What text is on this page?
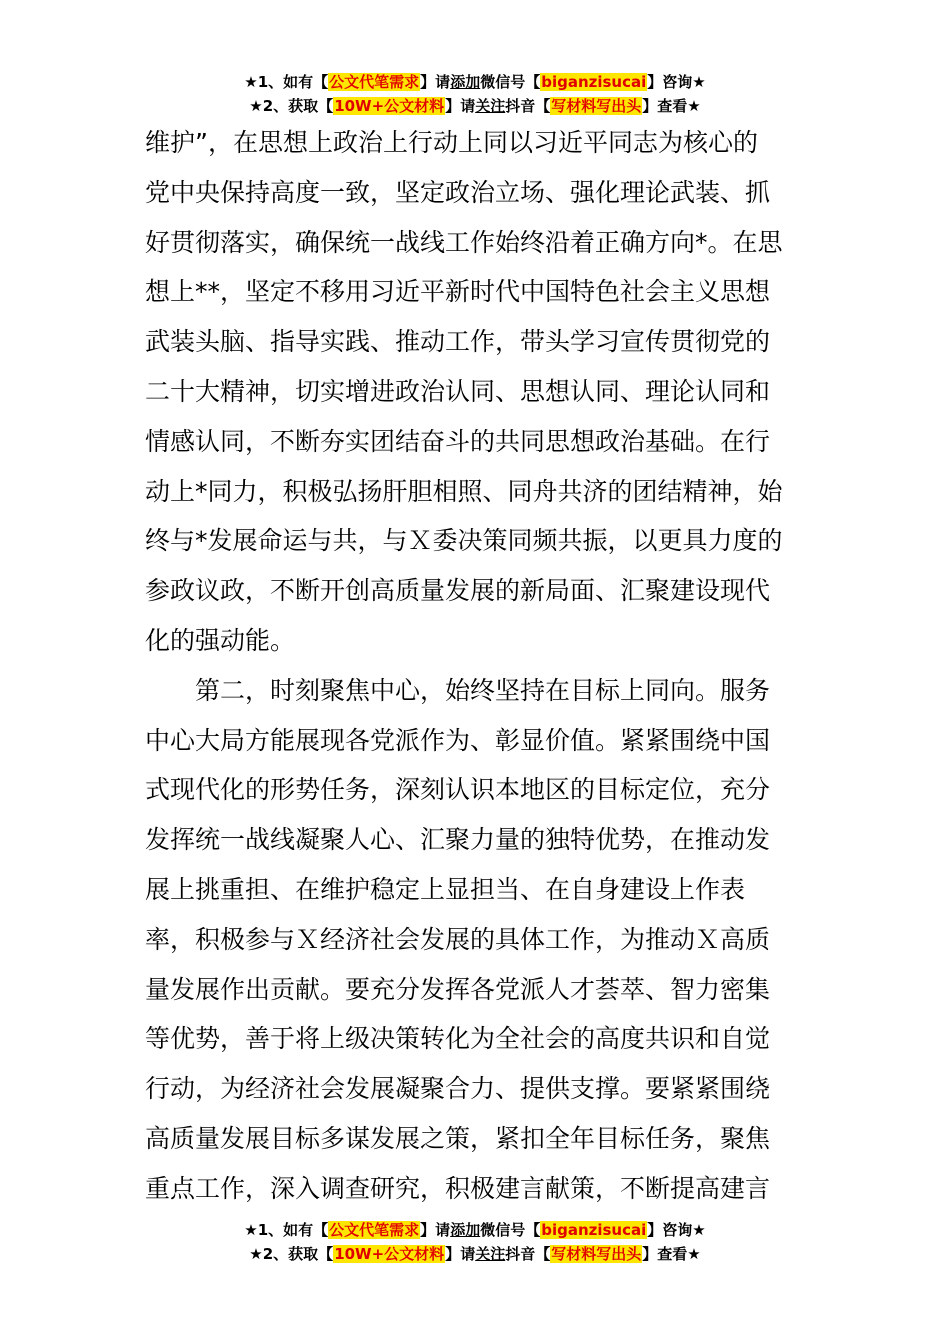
★1、如有【公文代笔需求】请添加微信号【biganzisucai】咨询★
★2、获取【10W+公文材料】请关注抖音【写材料写出头】查看★
维护”，在思想上政治上行动上同以习近平同志为核心的
党中央保持高度一致，坚定政治立场、强化理论武装、抓
好贯彻落实，确保统一战线工作始终沿着正确方向*。在思
想上**，坚定不移用习近平新时代中国特色社会主义思想
武装头脑、指导实践、推动工作，带头学习宣传贯彻党的
二十大精神，切实增进政治认同、思想认同、理论认同和
情感认同，不断夯实团结奋斗的共同思想政治基础。在行
动上*同力，积极弘扬肝胆相照、同舟共济的团结精神，始
终与*发展命运与共，与Ｘ委决策同频共振，以更具力度的
参政议政，不断开创高质量发展的新局面、汇聚建设现代
化的强动能。
　　第二，时刻聚焦中心，始终坚持在目标上同向。服务
中心大局方能展现各党派作为、彰显价值。紧紧围绕中国
式现代化的形势任务，深刻认识本地区的目标定位，充分
发挥统一战线凝聚人心、汇聚力量的独特优势，在推动发
展上挑重担、在维护稳定上显担当、在自身建设上作表
率，积极参与Ｘ经济社会发展的具体工作，为推动Ｘ高质
量发展作出贡献。要充分发挥各党派人才荟萃、智力密集
等优势，善于将上级决策转化为全社会的高度共识和自觉
行动，为经济社会发展凝聚合力、提供支撑。要紧紧围绕
高质量发展目标多谋发展之策，紧扣全年目标任务，聚焦
重点工作，深入调查研究，积极建言献策，不断提高建言
★1、如有【公文代笔需求】请添加微信号【biganzisucai】咨询★
★2、获取【10W+公文材料】请关注抖音【写材料写出头】查看★
